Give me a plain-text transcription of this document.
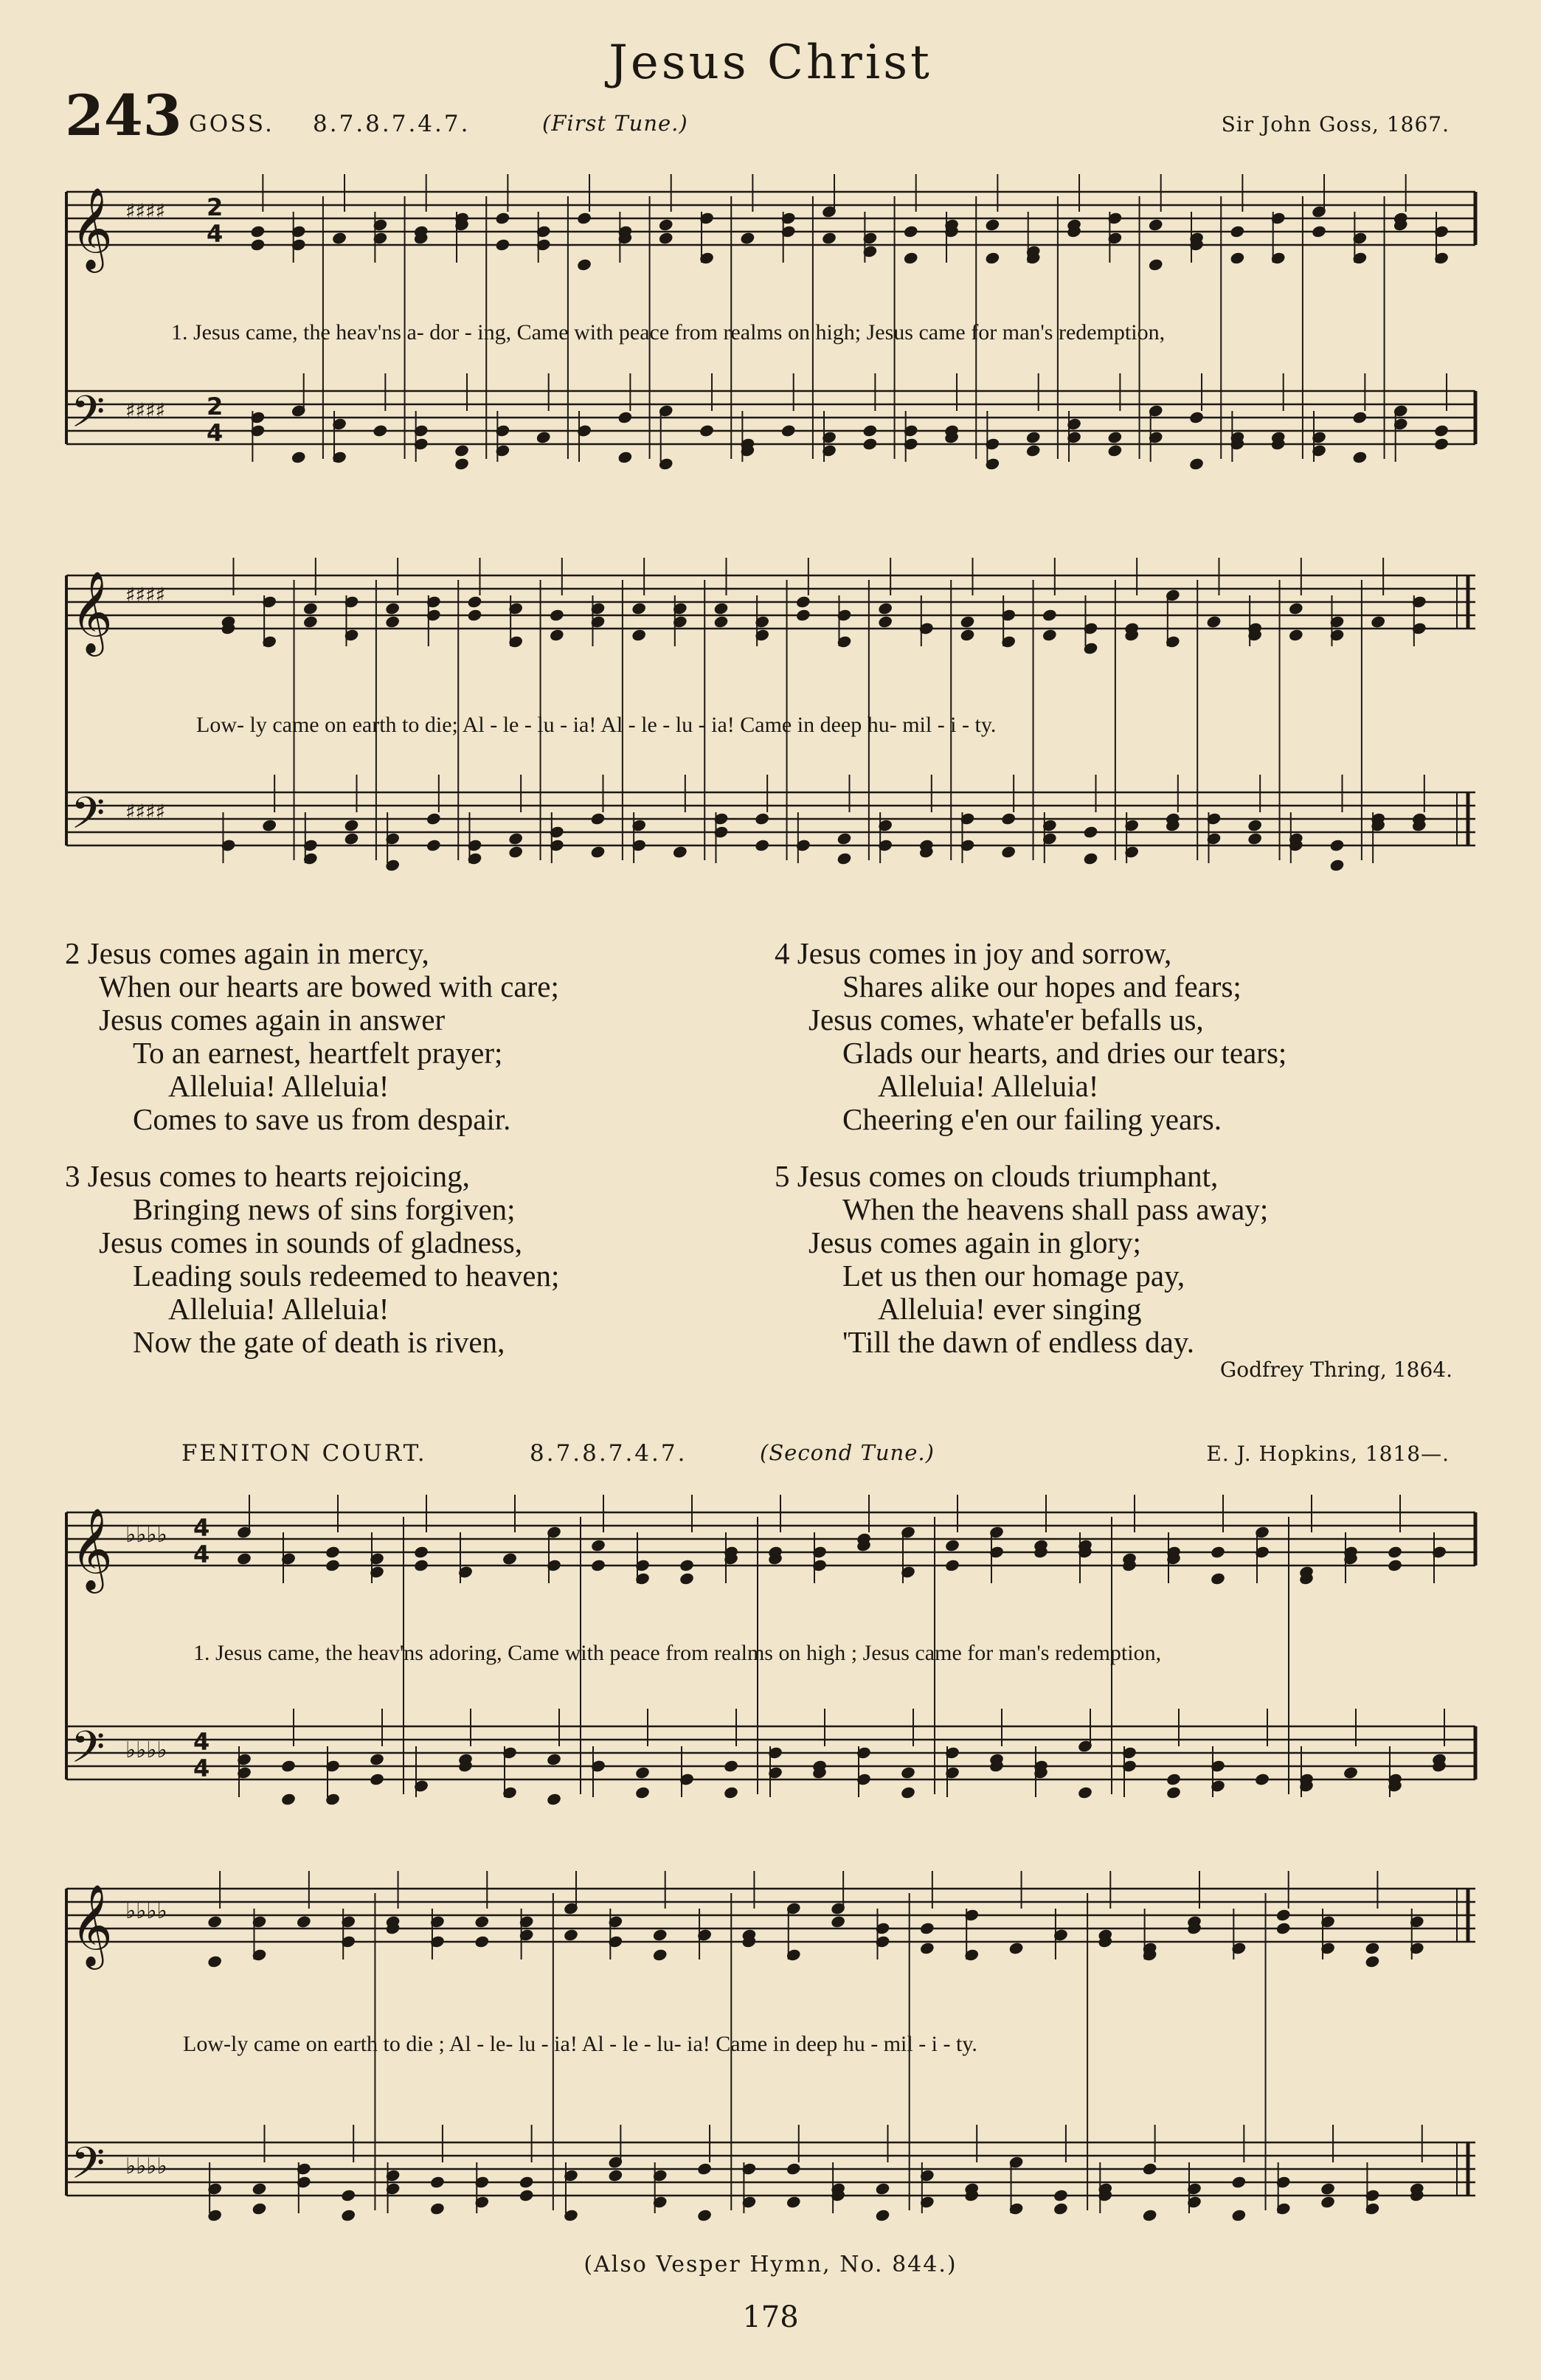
Jesus Christ
243 GOSS. 8.7.8.7.4.7.	(First Tune.)	Sir John Goss, 1867.
𝄞
𝄢
♯♯♯♯
♯♯♯♯
2
4
2
4
1. Jesus came, the heav'ns a- dor - ing, Came with peace from realms on high; Jesus came for man's redemption,
𝄞
𝄢
♯♯♯♯
♯♯♯♯
Low- ly came on earth to die; Al - le - lu - ia! Al - le - lu - ia! Came in deep hu- mil - i - ty.
2 Jesus comes again in mercy,
When our hearts are bowed with care;
Jesus comes again in answer
To an earnest, heartfelt prayer;
Alleluia! Alleluia!
Comes to save us from despair.
3 Jesus comes to hearts rejoicing,
Bringing news of sins forgiven;
Jesus comes in sounds of gladness,
Leading souls redeemed to heaven;
Alleluia! Alleluia!
Now the gate of death is riven,
4 Jesus comes in joy and sorrow,
Shares alike our hopes and fears;
Jesus comes, whate'er befalls us,
Glads our hearts, and dries our tears;
Alleluia! Alleluia!
Cheering e'en our failing years.
5 Jesus comes on clouds triumphant,
When the heavens shall pass away;
Jesus comes again in glory;
Let us then our homage pay,
Alleluia! ever singing
'Till the dawn of endless day.
Godfrey Thring, 1864.
FENITON COURT.	8.7.8.7.4.7.	(Second Tune.)	E. J. Hopkins, 1818—.
𝄞
𝄢
♭♭♭♭
♭♭♭♭
4
4
4
4
1. Jesus came, the heav'ns adoring, Came with peace from realms on high ; Jesus came for man's redemption,
𝄞
𝄢
♭♭♭♭
♭♭♭♭
Low-ly came on earth to die ; Al - le- lu - ia! Al - le - lu- ia! Came in deep hu - mil - i - ty.
(Also Vesper Hymn, No. 844.)
178
